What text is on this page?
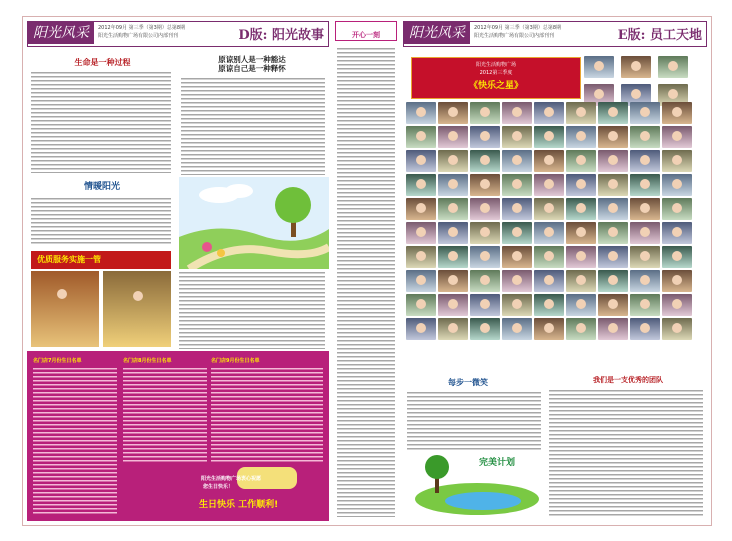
阳光风采	2012年09月 第三季（第3期）总第8期
阳光生活购物广场有限公司内部刊刊	D版: 阳光故事
生命是一种过程	原谅别人是一种豁达
原谅自己是一种释怀
情暖阳光
优质服务实施一管
名门店7月份生日名单	名门店8月份生日名单	名门店9月份生日名单
阳光生活购物广场衷心祝愿
您生日快乐！
生日快乐 工作顺利!
开心一刻	阳光风采	2012年09月 第三季（第3期）总第8期
阳光生活购物广场有限公司内部刊刊	E版: 员工天地
阳光生活购物广场
2012第三季度
《快乐之星》

每步一微笑	我们是一支优秀的团队
完美计划
